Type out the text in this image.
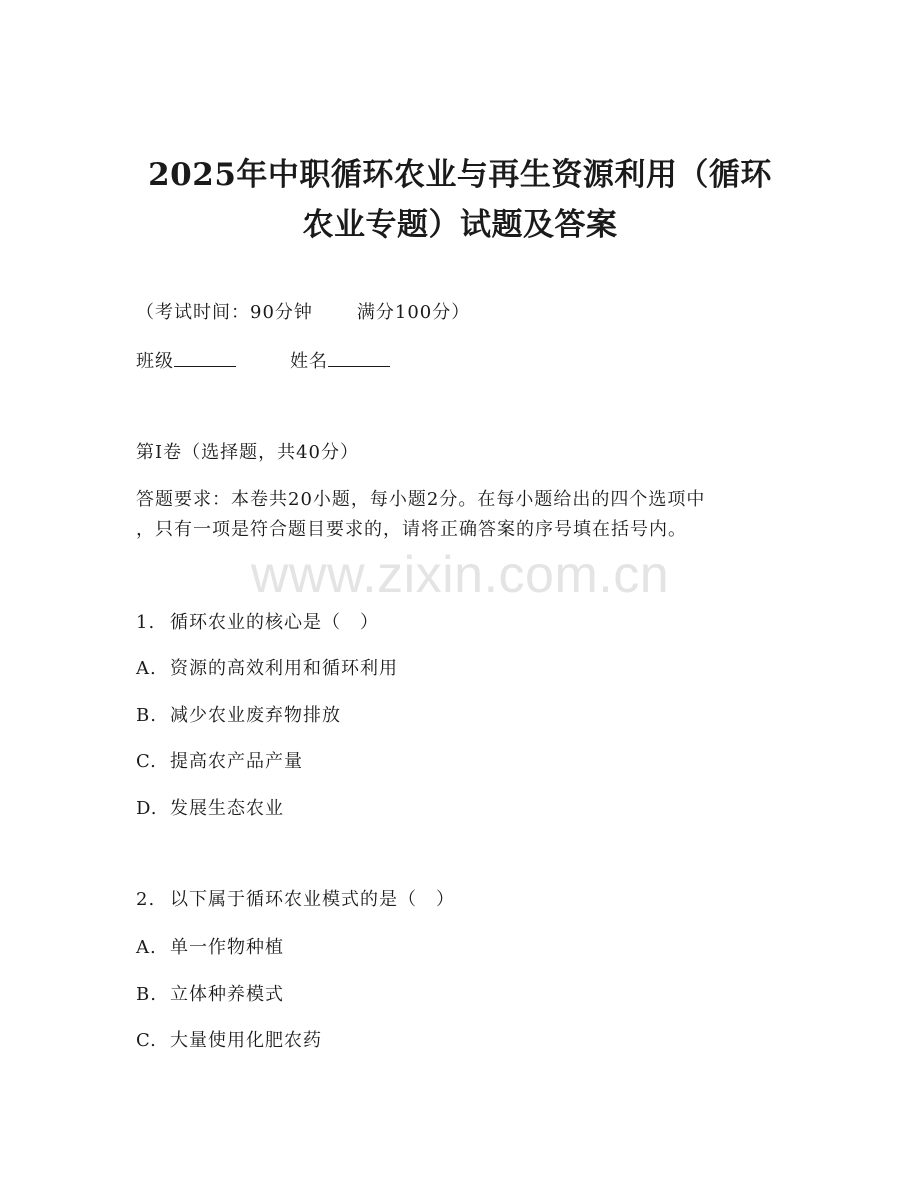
2025年中职循环农业与再生资源利用（循环
农业专题）试题及答案
（考试时间：90分钟 满分100分）
班级	姓名
第I卷（选择题，共40分）
答题要求：本卷共20小题，每小题2分。在每小题给出的四个选项中
，只有一项是符合题目要求的，请将正确答案的序号填在括号内。
www.zixin.com.cn
1. 循环农业的核心是（　）
A. 资源的高效利用和循环利用
B. 减少农业废弃物排放
C. 提高农产品产量
D. 发展生态农业
2. 以下属于循环农业模式的是（　）
A. 单一作物种植
B. 立体种养模式
C. 大量使用化肥农药
